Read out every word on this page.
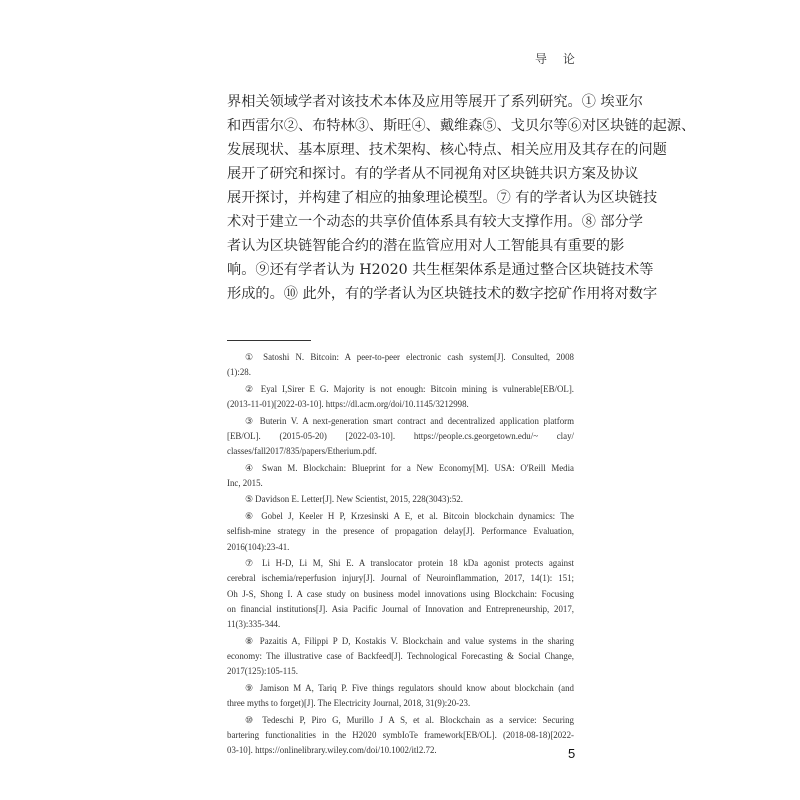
导 论
界相关领域学者对该技术本体及应用等展开了系列研究。① 埃亚尔
和西雷尔②、布特林③、斯旺④、戴维森⑤、戈贝尔等⑥对区块链的起源、
发展现状、基本原理、技术架构、核心特点、相关应用及其存在的问题
展开了研究和探讨。有的学者从不同视角对区块链共识方案及协议
展开探讨，并构建了相应的抽象理论模型。⑦ 有的学者认为区块链技
术对于建立一个动态的共享价值体系具有较大支撑作用。⑧ 部分学
者认为区块链智能合约的潜在监管应用对人工智能具有重要的影
响。⑨还有学者认为 H2020 共生框架体系是通过整合区块链技术等
形成的。⑩ 此外，有的学者认为区块链技术的数字挖矿作用将对数字
① Satoshi N. Bitcoin: A peer-to-peer electronic cash system[J]. Consulted, 2008
(1):28.
② Eyal I,Sirer E G. Majority is not enough: Bitcoin mining is vulnerable[EB/OL].
(2013-11-01)[2022-03-10]. https://dl.acm.org/doi/10.1145/3212998.
③ Buterin V. A next-generation smart contract and decentralized application platform
[EB/OL]. (2015-05-20) [2022-03-10]. https://people.cs.georgetown.edu/~ clay/
classes/fall2017/835/papers/Etherium.pdf.
④ Swan M. Blockchain: Blueprint for a New Economy[M]. USA: O'Reill Media
Inc, 2015.
⑤ Davidson E. Letter[J]. New Scientist, 2015, 228(3043):52.
⑥ Gobel J, Keeler H P, Krzesinski A E, et al. Bitcoin blockchain dynamics: The
selfish-mine strategy in the presence of propagation delay[J]. Performance Evaluation,
2016(104):23-41.
⑦ Li H-D, Li M, Shi E. A translocator protein 18 kDa agonist protects against
cerebral ischemia/reperfusion injury[J]. Journal of Neuroinflammation, 2017, 14(1): 151;
Oh J-S, Shong I. A case study on business model innovations using Blockchain: Focusing
on financial institutions[J]. Asia Pacific Journal of Innovation and Entrepreneurship, 2017,
11(3):335-344.
⑧ Pazaitis A, Filippi P D, Kostakis V. Blockchain and value systems in the sharing
economy: The illustrative case of Backfeed[J]. Technological Forecasting & Social Change,
2017(125):105-115.
⑨ Jamison M A, Tariq P. Five things regulators should know about blockchain (and
three myths to forget)[J]. The Electricity Journal, 2018, 31(9):20-23.
⑩ Tedeschi P, Piro G, Murillo J A S, et al. Blockchain as a service: Securing
bartering functionalities in the H2020 symbIoTe framework[EB/OL]. (2018-08-18)[2022-
03-10]. https://onlinelibrary.wiley.com/doi/10.1002/itl2.72.	5
